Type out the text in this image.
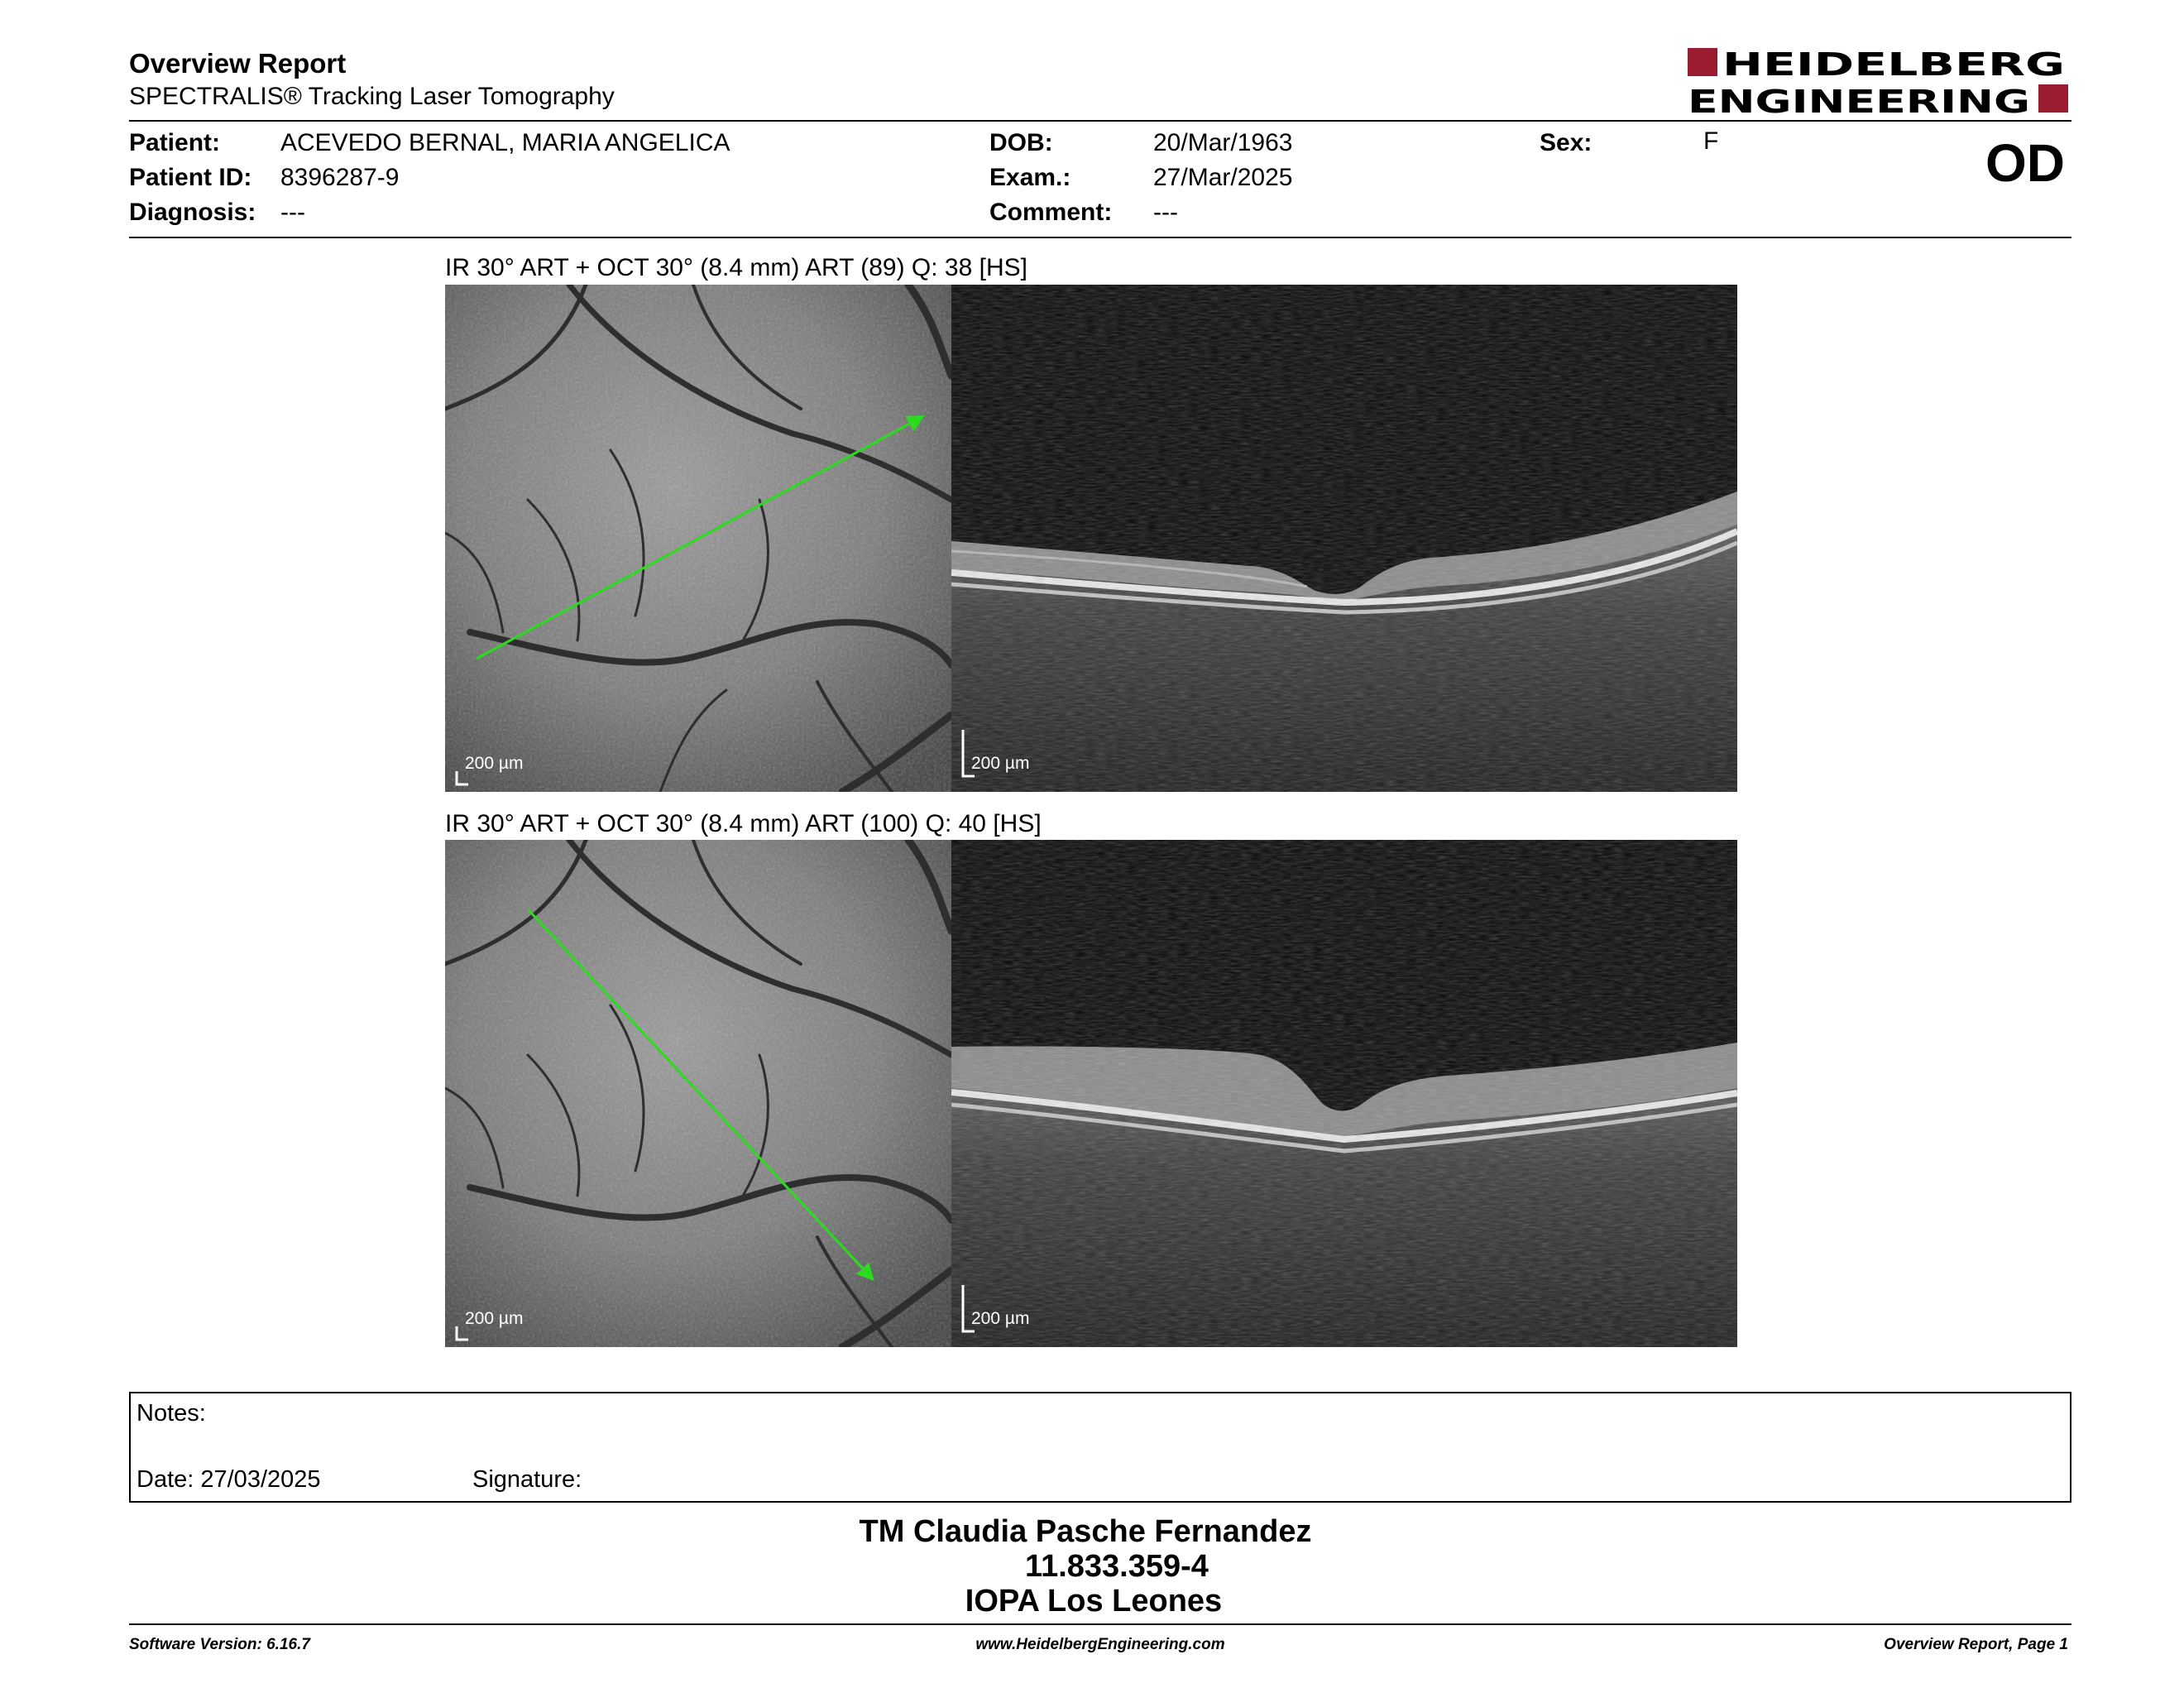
Overview Report
SPECTRALIS® Tracking Laser Tomography
HEIDELBERG
ENGINEERING
Patient: ACEVEDO BERNAL, MARIA ANGELICA
Patient ID: 8396287-9
Diagnosis: ---
DOB:	20/Mar/1963
Exam.:	27/Mar/2025
Comment: ---
Sex:	F	OD
IR 30° ART + OCT 30° (8.4 mm) ART (89) Q: 38 [HS]
200 µm	200 µm
IR 30° ART + OCT 30° (8.4 mm) ART (100) Q: 40 [HS]
200 µm	200 µm
Notes:
Date: 27/03/2025	Signature:
TM Claudia Pasche Fernandez
11.833.359-4
IOPA Los Leones
Software Version: 6.16.7	www.HeidelbergEngineering.com	Overview Report, Page 1
